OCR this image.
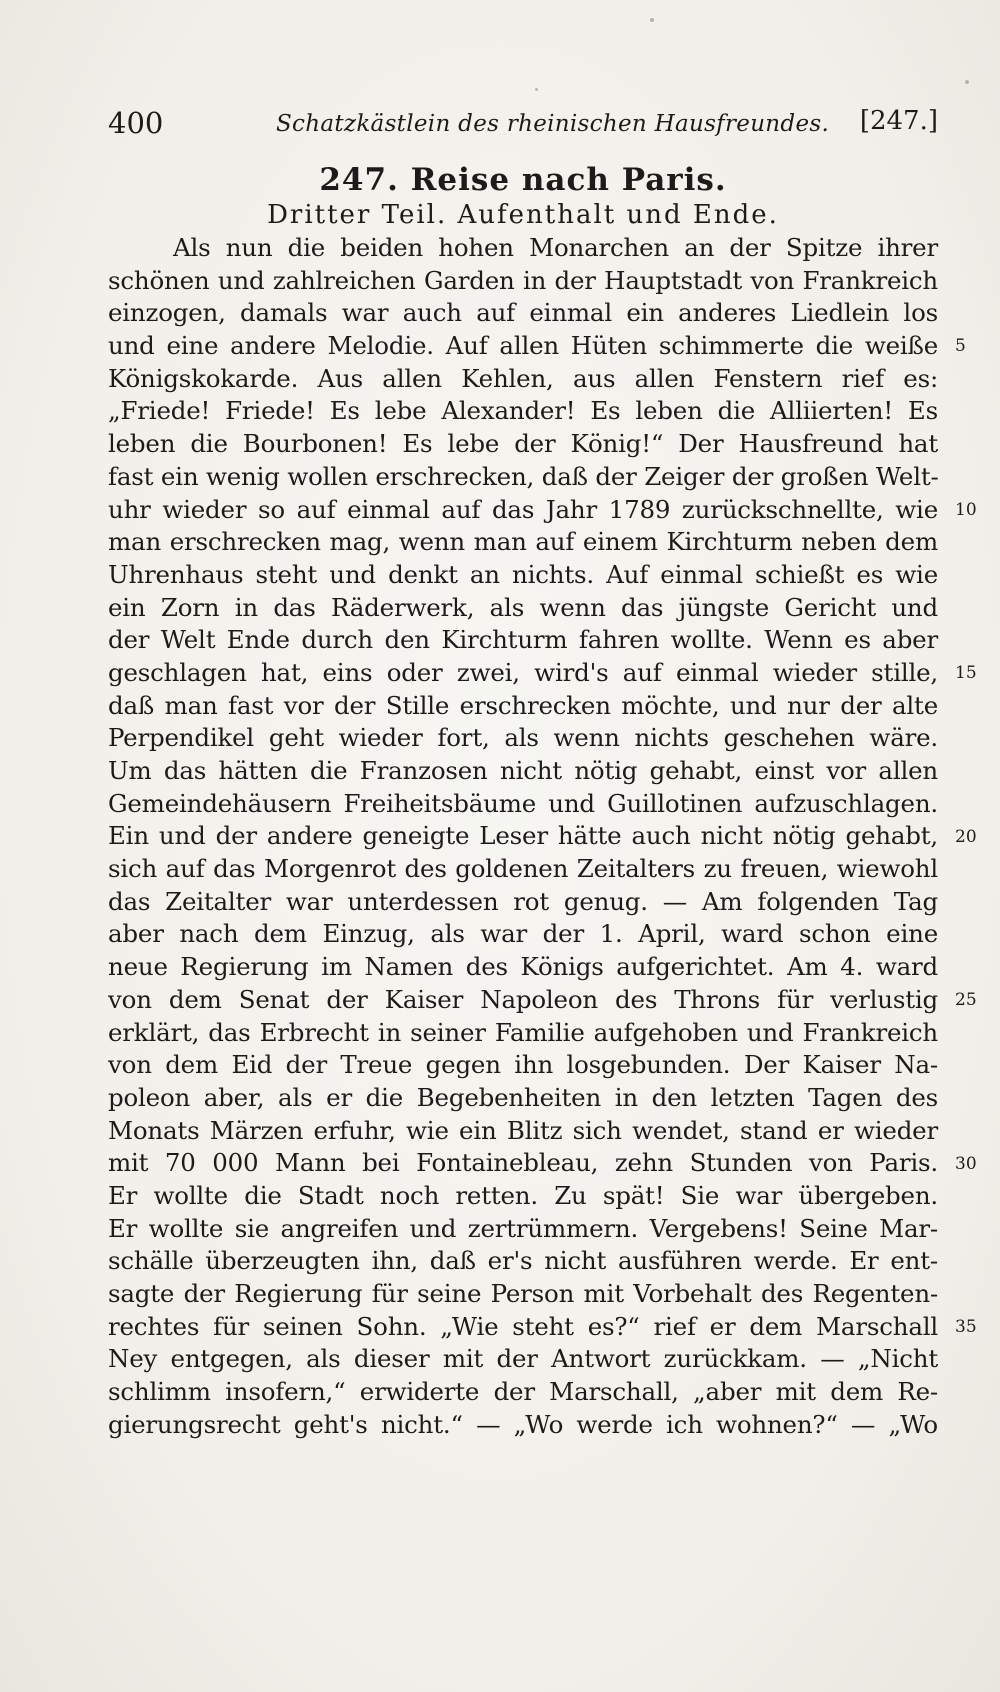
400	Schatzkästlein des rheinischen Hausfreundes. [247.]
247. Reise nach Paris.
Dritter Teil. Aufenthalt und Ende.
Als nun die beiden hohen Monarchen an der Spitze ihrer
schönen und zahlreichen Garden in der Hauptstadt von Frankreich
einzogen, damals war auch auf einmal ein anderes Liedlein los
und eine andere Melodie. Auf allen Hüten schimmerte die weiße
Königskokarde. Aus allen Kehlen, aus allen Fenstern rief es:
„Friede! Friede! Es lebe Alexander! Es leben die Alliierten! Es
leben die Bourbonen! Es lebe der König!“ Der Hausfreund hat
fast ein wenig wollen erschrecken, daß der Zeiger der großen Welt-
uhr wieder so auf einmal auf das Jahr 1789 zurückschnellte, wie
man erschrecken mag, wenn man auf einem Kirchturm neben dem
Uhrenhaus steht und denkt an nichts. Auf einmal schießt es wie
ein Zorn in das Räderwerk, als wenn das jüngste Gericht und
der Welt Ende durch den Kirchturm fahren wollte. Wenn es aber
geschlagen hat, eins oder zwei, wird's auf einmal wieder stille,
daß man fast vor der Stille erschrecken möchte, und nur der alte
Perpendikel geht wieder fort, als wenn nichts geschehen wäre.
Um das hätten die Franzosen nicht nötig gehabt, einst vor allen
Gemeindehäusern Freiheitsbäume und Guillotinen aufzuschlagen.
Ein und der andere geneigte Leser hätte auch nicht nötig gehabt,
sich auf das Morgenrot des goldenen Zeitalters zu freuen, wiewohl
das Zeitalter war unterdessen rot genug. — Am folgenden Tag
aber nach dem Einzug, als war der 1. April, ward schon eine
neue Regierung im Namen des Königs aufgerichtet. Am 4. ward
von dem Senat der Kaiser Napoleon des Throns für verlustig
erklärt, das Erbrecht in seiner Familie aufgehoben und Frankreich
von dem Eid der Treue gegen ihn losgebunden. Der Kaiser Na-
poleon aber, als er die Begebenheiten in den letzten Tagen des
Monats Märzen erfuhr, wie ein Blitz sich wendet, stand er wieder
mit 70 000 Mann bei Fontainebleau, zehn Stunden von Paris.
Er wollte die Stadt noch retten. Zu spät! Sie war übergeben.
Er wollte sie angreifen und zertrümmern. Vergebens! Seine Mar-
schälle überzeugten ihn, daß er's nicht ausführen werde. Er ent-
sagte der Regierung für seine Person mit Vorbehalt des Regenten-
rechtes für seinen Sohn. „Wie steht es?“ rief er dem Marschall
Ney entgegen, als dieser mit der Antwort zurückkam. — „Nicht
schlimm insofern,“ erwiderte der Marschall, „aber mit dem Re-
gierungsrecht geht's nicht.“ — „Wo werde ich wohnen?“ — „Wo
5
10
15
20
25
30
35
